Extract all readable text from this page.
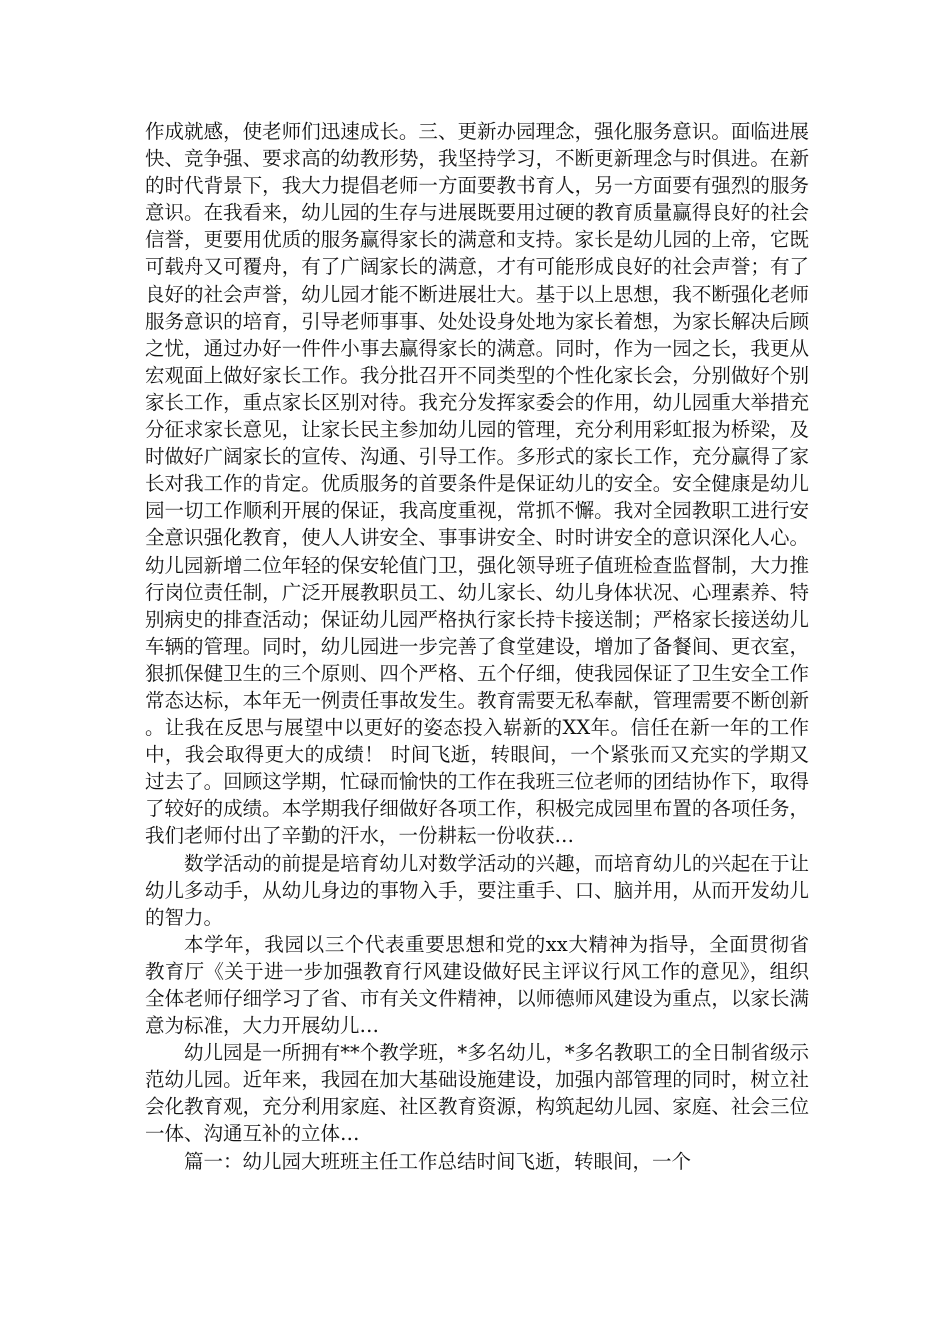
作成就感，使老师们迅速成长。三、更新办园理念，强化服务意识。面临进展快、竞争强、要求高的幼教形势，我坚持学习，不断更新理念与时俱进。在新的时代背景下，我大力提倡老师一方面要教书育人，另一方面要有强烈的服务意识。在我看来，幼儿园的生存与进展既要用过硬的教育质量赢得良好的社会信誉，更要用优质的服务赢得家长的满意和支持。家长是幼儿园的上帝，它既可载舟又可覆舟，有了广阔家长的满意，才有可能形成良好的社会声誉；有了良好的社会声誉，幼儿园才能不断进展壮大。基于以上思想，我不断强化老师服务意识的培育，引导老师事事、处处设身处地为家长着想，为家长解决后顾之忧，通过办好一件件小事去赢得家长的满意。同时，作为一园之长，我更从宏观面上做好家长工作。我分批召开不同类型的个性化家长会，分别做好个别家长工作，重点家长区别对待。我充分发挥家委会的作用，幼儿园重大举措充分征求家长意见，让家长民主参加幼儿园的管理，充分利用彩虹报为桥梁，及时做好广阔家长的宣传、沟通、引导工作。多形式的家长工作，充分赢得了家长对我工作的肯定。优质服务的首要条件是保证幼儿的安全。安全健康是幼儿园一切工作顺利开展的保证，我高度重视，常抓不懈。我对全园教职工进行安全意识强化教育，使人人讲安全、事事讲安全、时时讲安全的意识深化人心。幼儿园新增二位年轻的保安轮值门卫，强化领导班子值班检查监督制，大力推行岗位责任制，广泛开展教职员工、幼儿家长、幼儿身体状况、心理素养、特别病史的排查活动；保证幼儿园严格执行家长持卡接送制；严格家长接送幼儿车辆的管理。同时，幼儿园进一步完善了食堂建设，增加了备餐间、更衣室，狠抓保健卫生的三个原则、四个严格、五个仔细，使我园保证了卫生安全工作常态达标，本年无一例责任事故发生。教育需要无私奉献，管理需要不断创新。让我在反思与展望中以更好的姿态投入崭新的XX年。信任在新一年的工作中，我会取得更大的成绩！ 时间飞逝，转眼间，一个紧张而又充实的学期又过去了。回顾这学期，忙碌而愉快的工作在我班三位老师的团结协作下，取得了较好的成绩。本学期我仔细做好各项工作，积极完成园里布置的各项任务，我们老师付出了辛勤的汗水，一份耕耘一份收获…

数学活动的前提是培育幼儿对数学活动的兴趣，而培育幼儿的兴起在于让幼儿多动手，从幼儿身边的事物入手，要注重手、口、脑并用，从而开发幼儿的智力。

本学年，我园以三个代表重要思想和党的xx大精神为指导，全面贯彻省教育厅《关于进一步加强教育行风建设做好民主评议行风工作的意见》，组织全体老师仔细学习了省、市有关文件精神，以师德师风建设为重点，以家长满意为标准，大力开展幼儿…

幼儿园是一所拥有**个教学班，*多名幼儿，*多名教职工的全日制省级示范幼儿园。近年来，我园在加大基础设施建设，加强内部管理的同时，树立社会化教育观，充分利用家庭、社区教育资源，构筑起幼儿园、家庭、社会三位一体、沟通互补的立体…

篇一：幼儿园大班班主任工作总结时间飞逝，转眼间，一个
